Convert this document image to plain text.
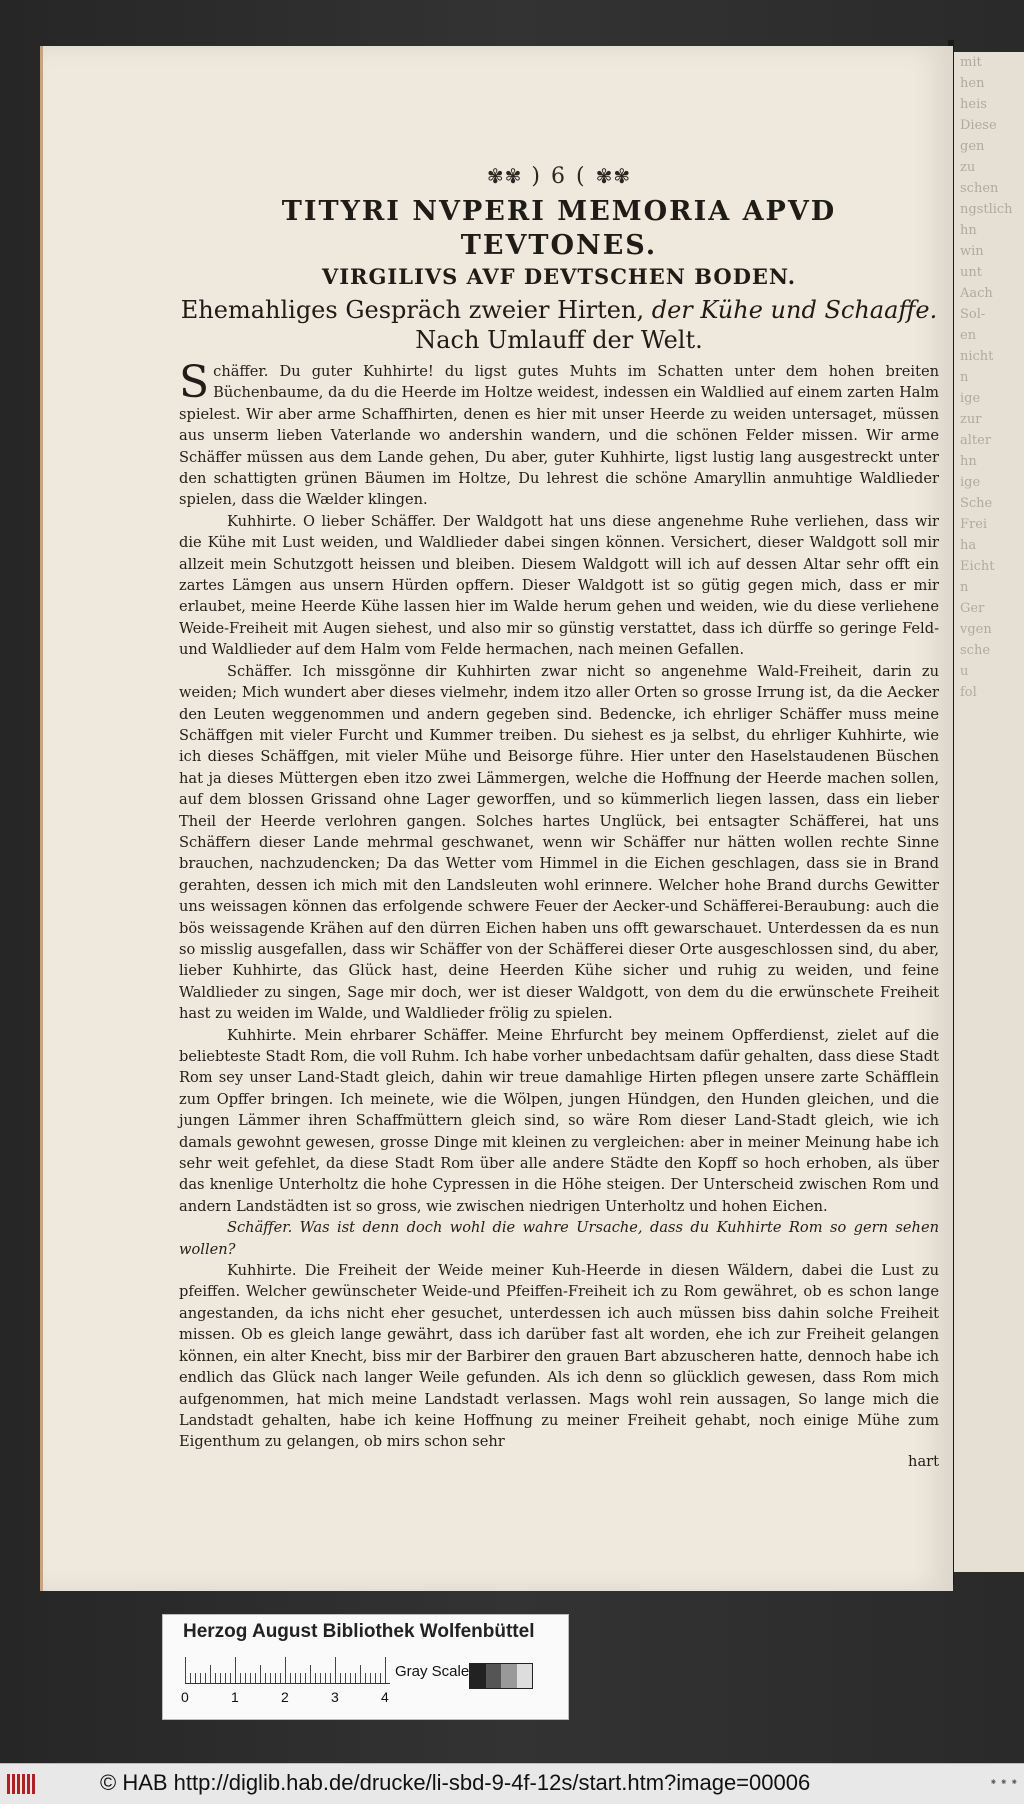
mit
hen
heis
Diese
gen
zu
schen
ngstlich
hn
win
unt
Aach
Sol-
en
nicht
n
ige
zur
alter
hn
ige
Sche
Frei
ha
Eicht
n
Ger
vgen
sche
u
fol
✾✾ ) 6 ( ✾✾
TITYRI NVPERI MEMORIA APVD TEVTONES.
VIRGILIVS AVF DEVTSCHEN BODEN.
Ehemahliges Gespräch zweier Hirten, der Kühe und Schaaffe.
Nach Umlauff der Welt.

Schäffer. Du guter Kuhhirte! du ligst gutes Muhts im Schatten unter dem hohen breiten Büchenbaume, da du die Heerde im Holtze weidest, indessen ein Waldlied auf einem zarten Halm spielest. Wir aber arme Schaffhirten, denen es hier mit unser Heerde zu weiden untersaget, müssen aus unserm lieben Vaterlande wo andershin wandern, und die schönen Felder missen. Wir arme Schäffer müssen aus dem Lande gehen, Du aber, guter Kuhhirte, ligst lustig lang ausgestreckt unter den schattigten grünen Bäumen im Holtze, Du lehrest die schöne Amaryllin anmuhtige Waldlieder spielen, dass die Wælder klingen.

Kuhhirte. O lieber Schäffer. Der Waldgott hat uns diese angenehme Ruhe verliehen, dass wir die Kühe mit Lust weiden, und Waldlieder dabei singen können. Versichert, dieser Waldgott soll mir allzeit mein Schutzgott heissen und bleiben. Diesem Waldgott will ich auf dessen Altar sehr offt ein zartes Lämgen aus unsern Hürden opffern. Dieser Waldgott ist so gütig gegen mich, dass er mir erlaubet, meine Heerde Kühe lassen hier im Walde herum gehen und weiden, wie du diese verliehene Weide-Freiheit mit Augen siehest, und also mir so günstig verstattet, dass ich dürffe so geringe Feld-und Waldlieder auf dem Halm vom Felde hermachen, nach meinen Gefallen.

Schäffer. Ich missgönne dir Kuhhirten zwar nicht so angenehme Wald-Freiheit, darin zu weiden; Mich wundert aber dieses vielmehr, indem itzo aller Orten so grosse Irrung ist, da die Aecker den Leuten weggenommen und andern gegeben sind. Bedencke, ich ehrliger Schäffer muss meine Schäffgen mit vieler Furcht und Kummer treiben. Du siehest es ja selbst, du ehrliger Kuhhirte, wie ich dieses Schäffgen, mit vieler Mühe und Beisorge führe. Hier unter den Haselstaudenen Büschen hat ja dieses Müttergen eben itzo zwei Lämmergen, welche die Hoffnung der Heerde machen sollen, auf dem blossen Grissand ohne Lager geworffen, und so kümmerlich liegen lassen, dass ein lieber Theil der Heerde verlohren gangen. Solches hartes Unglück, bei entsagter Schäfferei, hat uns Schäffern dieser Lande mehrmal geschwanet, wenn wir Schäffer nur hätten wollen rechte Sinne brauchen, nachzudencken; Da das Wetter vom Himmel in die Eichen geschlagen, dass sie in Brand gerahten, dessen ich mich mit den Landsleuten wohl erinnere. Welcher hohe Brand durchs Gewitter uns weissagen können das erfolgende schwere Feuer der Aecker-und Schäfferei-Beraubung: auch die bös weissagende Krähen auf den dürren Eichen haben uns offt gewarschauet. Unterdessen da es nun so misslig ausgefallen, dass wir Schäffer von der Schäfferei dieser Orte ausgeschlossen sind, du aber, lieber Kuhhirte, das Glück hast, deine Heerden Kühe sicher und ruhig zu weiden, und feine Waldlieder zu singen, Sage mir doch, wer ist dieser Waldgott, von dem du die erwünschete Freiheit hast zu weiden im Walde, und Waldlieder frölig zu spielen.

Kuhhirte. Mein ehrbarer Schäffer. Meine Ehrfurcht bey meinem Opfferdienst, zielet auf die beliebteste Stadt Rom, die voll Ruhm. Ich habe vorher unbedachtsam dafür gehalten, dass diese Stadt Rom sey unser Land-Stadt gleich, dahin wir treue damahlige Hirten pflegen unsere zarte Schäfflein zum Opffer bringen. Ich meinete, wie die Wölpen, jungen Hündgen, den Hunden gleichen, und die jungen Lämmer ihren Schaffmüttern gleich sind, so wäre Rom dieser Land-Stadt gleich, wie ich damals gewohnt gewesen, grosse Dinge mit kleinen zu vergleichen: aber in meiner Meinung habe ich sehr weit gefehlet, da diese Stadt Rom über alle andere Städte den Kopff so hoch erhoben, als über das knenlige Unterholtz die hohe Cypressen in die Höhe steigen. Der Unterscheid zwischen Rom und andern Landstädten ist so gross, wie zwischen niedrigen Unterholtz und hohen Eichen.

Schäffer. Was ist denn doch wohl die wahre Ursache, dass du Kuhhirte Rom so gern sehen wollen?

Kuhhirte. Die Freiheit der Weide meiner Kuh-Heerde in diesen Wäldern, dabei die Lust zu pfeiffen. Welcher gewünscheter Weide-und Pfeiffen-Freiheit ich zu Rom gewähret, ob es schon lange angestanden, da ichs nicht eher gesuchet, unterdessen ich auch müssen biss dahin solche Freiheit missen. Ob es gleich lange gewährt, dass ich darüber fast alt worden, ehe ich zur Freiheit gelangen können, ein alter Knecht, biss mir der Barbirer den grauen Bart abzuscheren hatte, dennoch habe ich endlich das Glück nach langer Weile gefunden. Als ich denn so glücklich gewesen, dass Rom mich aufgenommen, hat mich meine Landstadt verlassen. Mags wohl rein aussagen, So lange mich die Landstadt gehalten, habe ich keine Hoffnung zu meiner Freiheit gehabt, noch einige Mühe zum Eigenthum zu gelangen, ob mirs schon sehr

hart
Herzog August Bibliothek Wolfenbüttel
0	1	2	3	4
Gray Scale
© HAB http://diglib.hab.de/drucke/li-sbd-9-4f-12s/start.htm?image=00006	⁕ ⁕ ⁕
